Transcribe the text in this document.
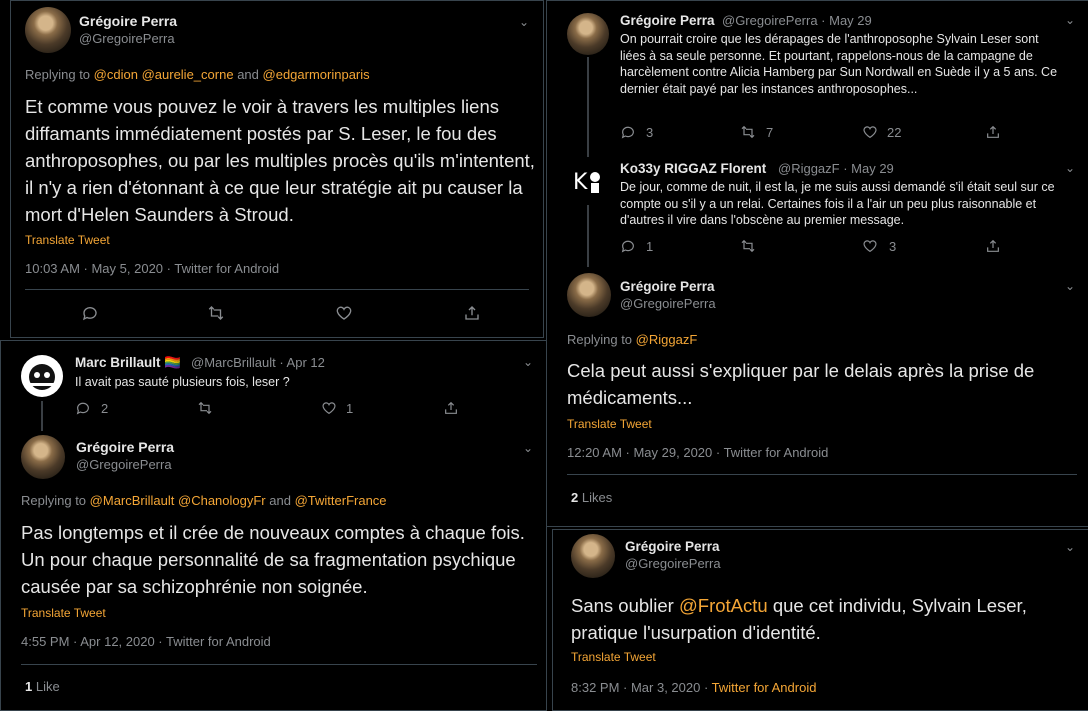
Grégoire Perra
@GregoirePerra
⌄
Replying to @cdion @aurelie_corne and @edgarmorinparis
Et comme vous pouvez le voir à travers les multiples liens diffamants immédiatement postés par S. Leser, le fou des anthroposophes, ou par les multiples procès qu'ils m'intentent, il n'y a rien d'étonnant à ce que leur stratégie ait pu causer la mort d'Helen Saunders à Stroud.
Translate Tweet
10:03 AM · May 5, 2020 · Twitter for Android
Marc Brillault 🏳️‍🌈 @MarcBrillault · Apr 12	⌄
Il avait pas sauté plusieurs fois, leser ?
2	1
Grégoire Perra
@GregoirePerra
⌄
Replying to @MarcBrillault @ChanologyFr and @TwitterFrance
Pas longtemps et il crée de nouveaux comptes à chaque fois. Un pour chaque personnalité de sa fragmentation psychique causée par sa schizophrénie non soignée.
Translate Tweet
4:55 PM · Apr 12, 2020 · Twitter for Android
1 Like
Grégoire Perra @GregoirePerra · May 29	⌄
On pourrait croire que les dérapages de l'anthroposophe Sylvain Leser sont liées à sa seule personne. Et pourtant, rappelons-nous de la campagne de harcèlement contre Alicia Hamberg par Sun Nordwall en Suède il y a 5 ans. Ce dernier était payé par les instances anthroposophes...
3	7	22
K
Ko33y RIGGAZ Florent @RiggazF · May 29	⌄
De jour, comme de nuit, il est la, je me suis aussi demandé s'il était seul sur ce compte ou s'il y a un relai. Certaines fois il a l'air un peu plus raisonnable et d'autres il vire dans l'obscène au premier message.
1	3
Grégoire Perra
@GregoirePerra
⌄
Replying to @RiggazF
Cela peut aussi s'expliquer par le delais après la prise de médicaments...
Translate Tweet
12:20 AM · May 29, 2020 · Twitter for Android
2 Likes
Grégoire Perra
@GregoirePerra
⌄
Sans oublier @FrotActu que cet individu, Sylvain Leser, pratique l'usurpation d'identité.
Translate Tweet
8:32 PM · Mar 3, 2020 · Twitter for Android
